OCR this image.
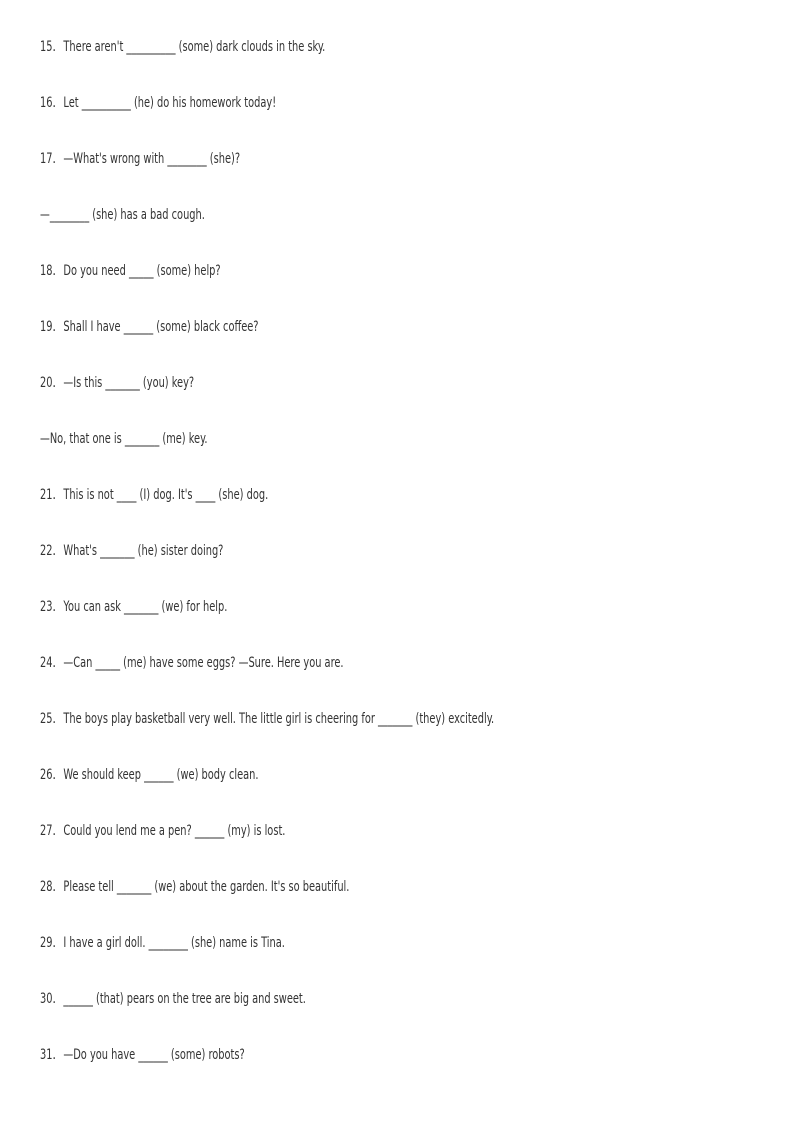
15．There aren't __________ (some) dark clouds in the sky.
16．Let __________ (he) do his homework today!
17．—What's wrong with ________ (she)?
—________ (she) has a bad cough.
18．Do you need _____ (some) help?
19．Shall I have ______ (some) black coffee?
20．—Is this _______ (you) key?
—No, that one is _______ (me) key.
21．This is not ____ (I) dog. It's ____ (she) dog.
22．What's _______ (he) sister doing?
23．You can ask _______ (we) for help.
24．—Can _____ (me) have some eggs? —Sure. Here you are.
25．The boys play basketball very well. The little girl is cheering for _______ (they) excitedly.
26．We should keep ______ (we) body clean.
27．Could you lend me a pen? ______ (my) is lost.
28．Please tell _______ (we) about the garden. It's so beautiful.
29．I have a girl doll. ________ (she) name is Tina.
30．______ (that) pears on the tree are big and sweet.
31．—Do you have ______ (some) robots?
